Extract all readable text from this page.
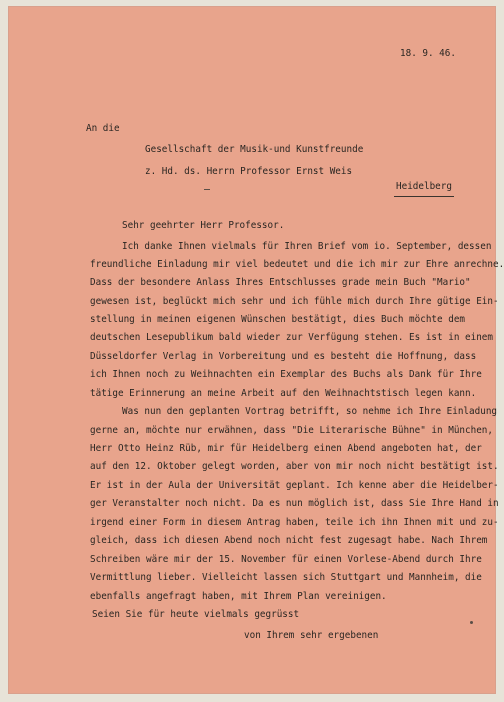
18. 9. 46.
An die
Gesellschaft der Musik-und Kunstfreunde
z. Hd. ds. Herrn Professor Ernst Weis
Heidelberg
Sehr geehrter Herr Professor.
Ich danke Ihnen vielmals für Ihren Brief vom io. September, dessen
freundliche Einladung mir viel bedeutet und die ich mir zur Ehre anrechne.
Dass der besondere Anlass Ihres Entschlusses grade mein Buch "Mario"
gewesen ist, beglückt mich sehr und ich fühle mich durch Ihre gütige Ein-
stellung in meinen eigenen Wünschen bestätigt, dies Buch möchte dem
deutschen Lesepublikum bald wieder zur Verfügung stehen. Es ist in einem
Düsseldorfer Verlag in Vorbereitung und es besteht die Hoffnung, dass
ich Ihnen noch zu Weihnachten ein Exemplar des Buchs als Dank für Ihre
tätige Erinnerung an meine Arbeit auf den Weihnachtstisch legen kann.
Was nun den geplanten Vortrag betrifft, so nehme ich Ihre Einladung
gerne an, möchte nur erwähnen, dass "Die Literarische Bühne" in München,
Herr Otto Heinz Rüb, mir für Heidelberg einen Abend angeboten hat, der
auf den 12. Oktober gelegt worden, aber von mir noch nicht bestätigt ist.
Er ist in der Aula der Universität geplant. Ich kenne aber die Heidelber-
ger Veranstalter noch nicht. Da es nun möglich ist, dass Sie Ihre Hand in
irgend einer Form in diesem Antrag haben, teile ich ihn Ihnen mit und zu-
gleich, dass ich diesen Abend noch nicht fest zugesagt habe. Nach Ihrem
Schreiben wäre mir der 15. November für einen Vorlese-Abend durch Ihre
Vermittlung lieber. Vielleicht lassen sich Stuttgart und Mannheim, die
ebenfalls angefragt haben, mit Ihrem Plan vereinigen.
Seien Sie für heute vielmals gegrüsst
von Ihrem sehr ergebenen
